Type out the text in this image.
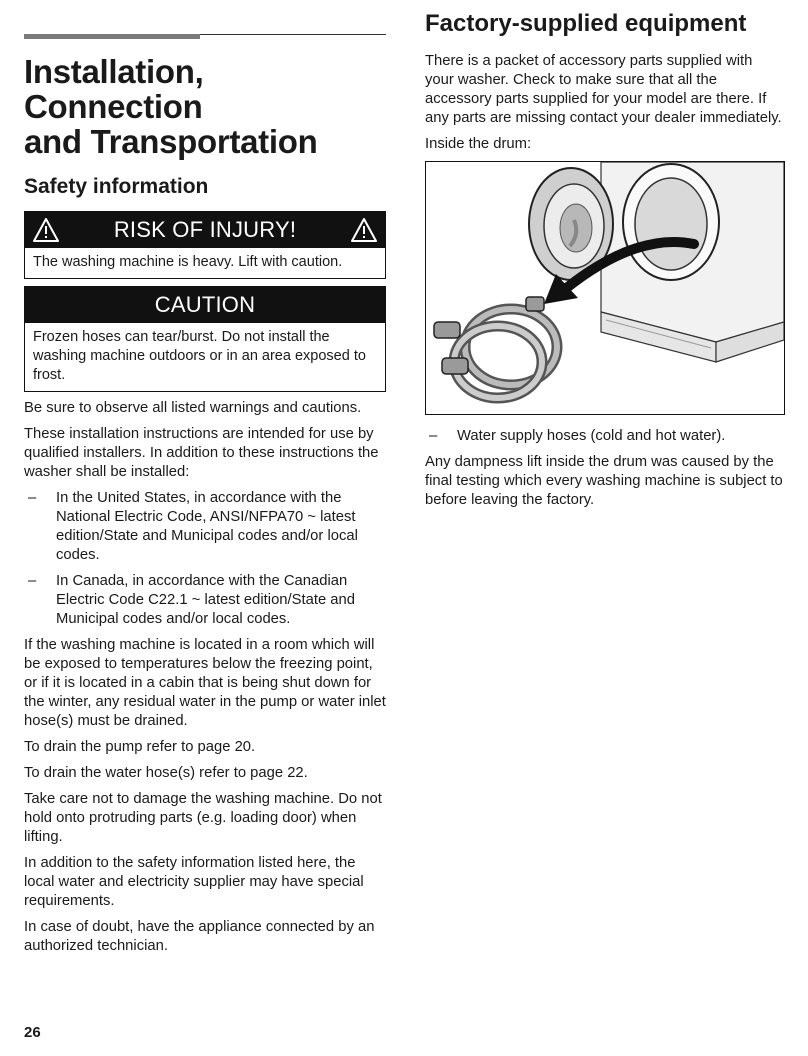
Installation,
Connection
and Transportation
Safety information
RISK OF INJURY!
The washing machine is heavy. Lift with caution.
CAUTION
Frozen hoses can tear/burst. Do not install the washing machine outdoors or in an area exposed to frost.

Be sure to observe all listed warnings and cautions.

These installation instructions are intended for use by qualified installers. In addition to these instructions the washer shall be installed:

–	In the United States, in accordance with the National Electric Code, ANSI/NFPA70 ~ latest edition/State and Municipal codes and/or local codes.
–	In Canada, in accordance with the Canadian Electric Code C22.1 ~ latest edition/State and Municipal codes and/or local codes.

If the washing machine is located in a room which will be exposed to temperatures below the freezing point, or if it is located in a cabin that is being shut down for the winter, any residual water in the pump or water inlet hose(s) must be drained.

To drain the pump refer to page 20.

To drain the water hose(s) refer to page 22.

Take care not to damage the washing machine. Do not hold onto protruding parts (e.g. loading door) when lifting.

In addition to the safety information listed here, the local water and electricity supplier may have special requirements.

In case of doubt, have the appliance connected by an authorized technician.

Factory-supplied equipment

There is a packet of accessory parts supplied with your washer. Check to make sure that all the accessory parts supplied for your model are there. If any parts are missing contact your dealer immediately.

Inside the drum:

–	Water supply hoses (cold and hot water).

Any dampness lift inside the drum was caused by the final testing which every washing machine is subject to before leaving the factory.

26
